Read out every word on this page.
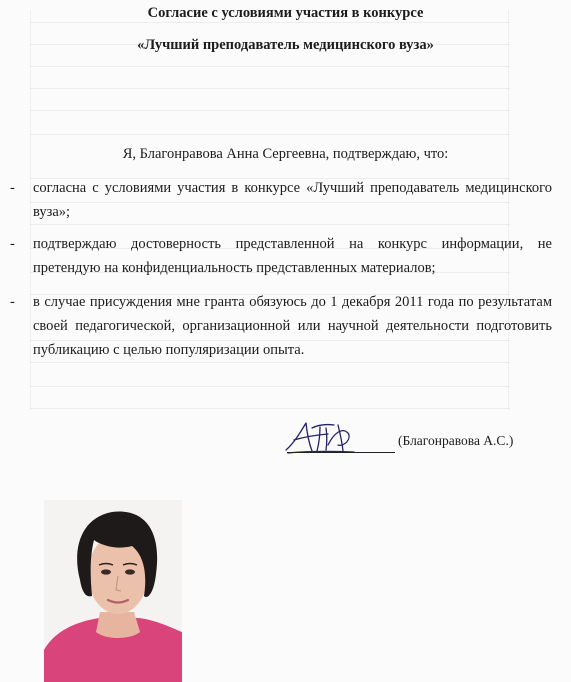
Согласие с условиями участия в конкурсе
«Лучший преподаватель медицинского вуза»

Я, Благонравова Анна Сергеевна, подтверждаю, что:

- согласна с условиями участия в конкурсе «Лучший преподаватель медицинского вуза»;

- подтверждаю достоверность представленной на конкурс информации, не претендую на конфиденциальность представленных материалов;

- в случае присуждения мне гранта обязуюсь до 1 декабря 2011 года по результатам своей педагогической, организационной или научной деятельности подготовить публикацию с целью популяризации опыта.

(Благонравова А.С.)
